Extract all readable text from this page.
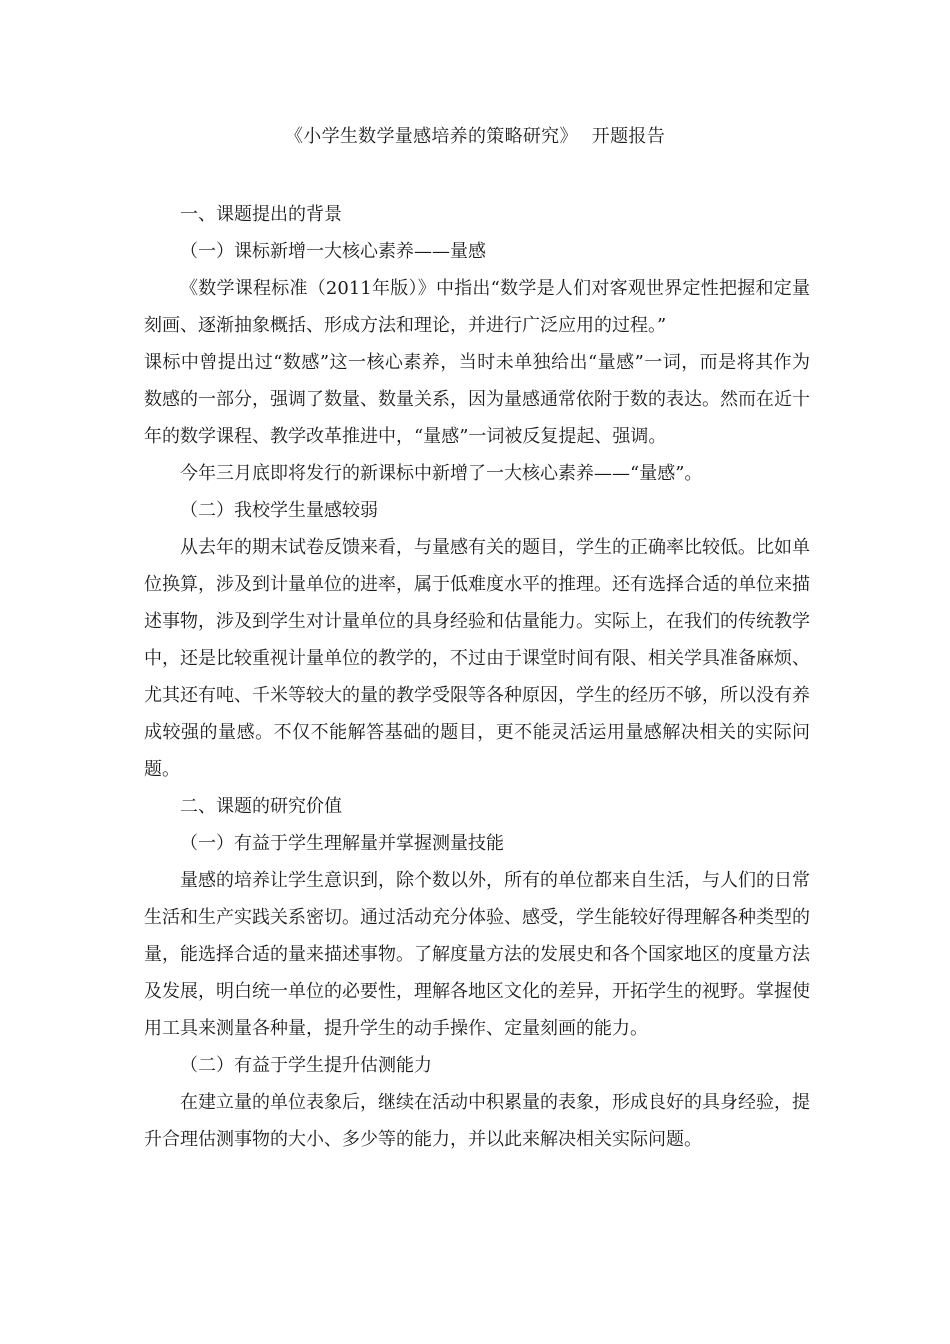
《小学生数学量感培养的策略研究》 开题报告

一、课题提出的背景

（一）课标新增一大核心素养——量感

《数学课程标准（2011年版）》中指出“数学是人们对客观世界定性把握和定量刻画、逐渐抽象概括、形成方法和理论，并进行广泛应用的过程。”

课标中曾提出过“数感”这一核心素养，当时未单独给出“量感”一词，而是将其作为数感的一部分，强调了数量、数量关系，因为量感通常依附于数的表达。然而在近十年的数学课程、教学改革推进中，“量感”一词被反复提起、强调。

今年三月底即将发行的新课标中新增了一大核心素养——“量感”。

（二）我校学生量感较弱

从去年的期末试卷反馈来看，与量感有关的题目，学生的正确率比较低。比如单位换算，涉及到计量单位的进率，属于低难度水平的推理。还有选择合适的单位来描述事物，涉及到学生对计量单位的具身经验和估量能力。实际上，在我们的传统教学中，还是比较重视计量单位的教学的，不过由于课堂时间有限、相关学具准备麻烦、尤其还有吨、千米等较大的量的教学受限等各种原因，学生的经历不够，所以没有养成较强的量感。不仅不能解答基础的题目，更不能灵活运用量感解决相关的实际问题。

二、课题的研究价值

（一）有益于学生理解量并掌握测量技能

量感的培养让学生意识到，除个数以外，所有的单位都来自生活，与人们的日常生活和生产实践关系密切。通过活动充分体验、感受，学生能较好得理解各种类型的量，能选择合适的量来描述事物。了解度量方法的发展史和各个国家地区的度量方法及发展，明白统一单位的必要性，理解各地区文化的差异，开拓学生的视野。掌握使用工具来测量各种量，提升学生的动手操作、定量刻画的能力。

（二）有益于学生提升估测能力

在建立量的单位表象后，继续在活动中积累量的表象，形成良好的具身经验，提升合理估测事物的大小、多少等的能力，并以此来解决相关实际问题。
